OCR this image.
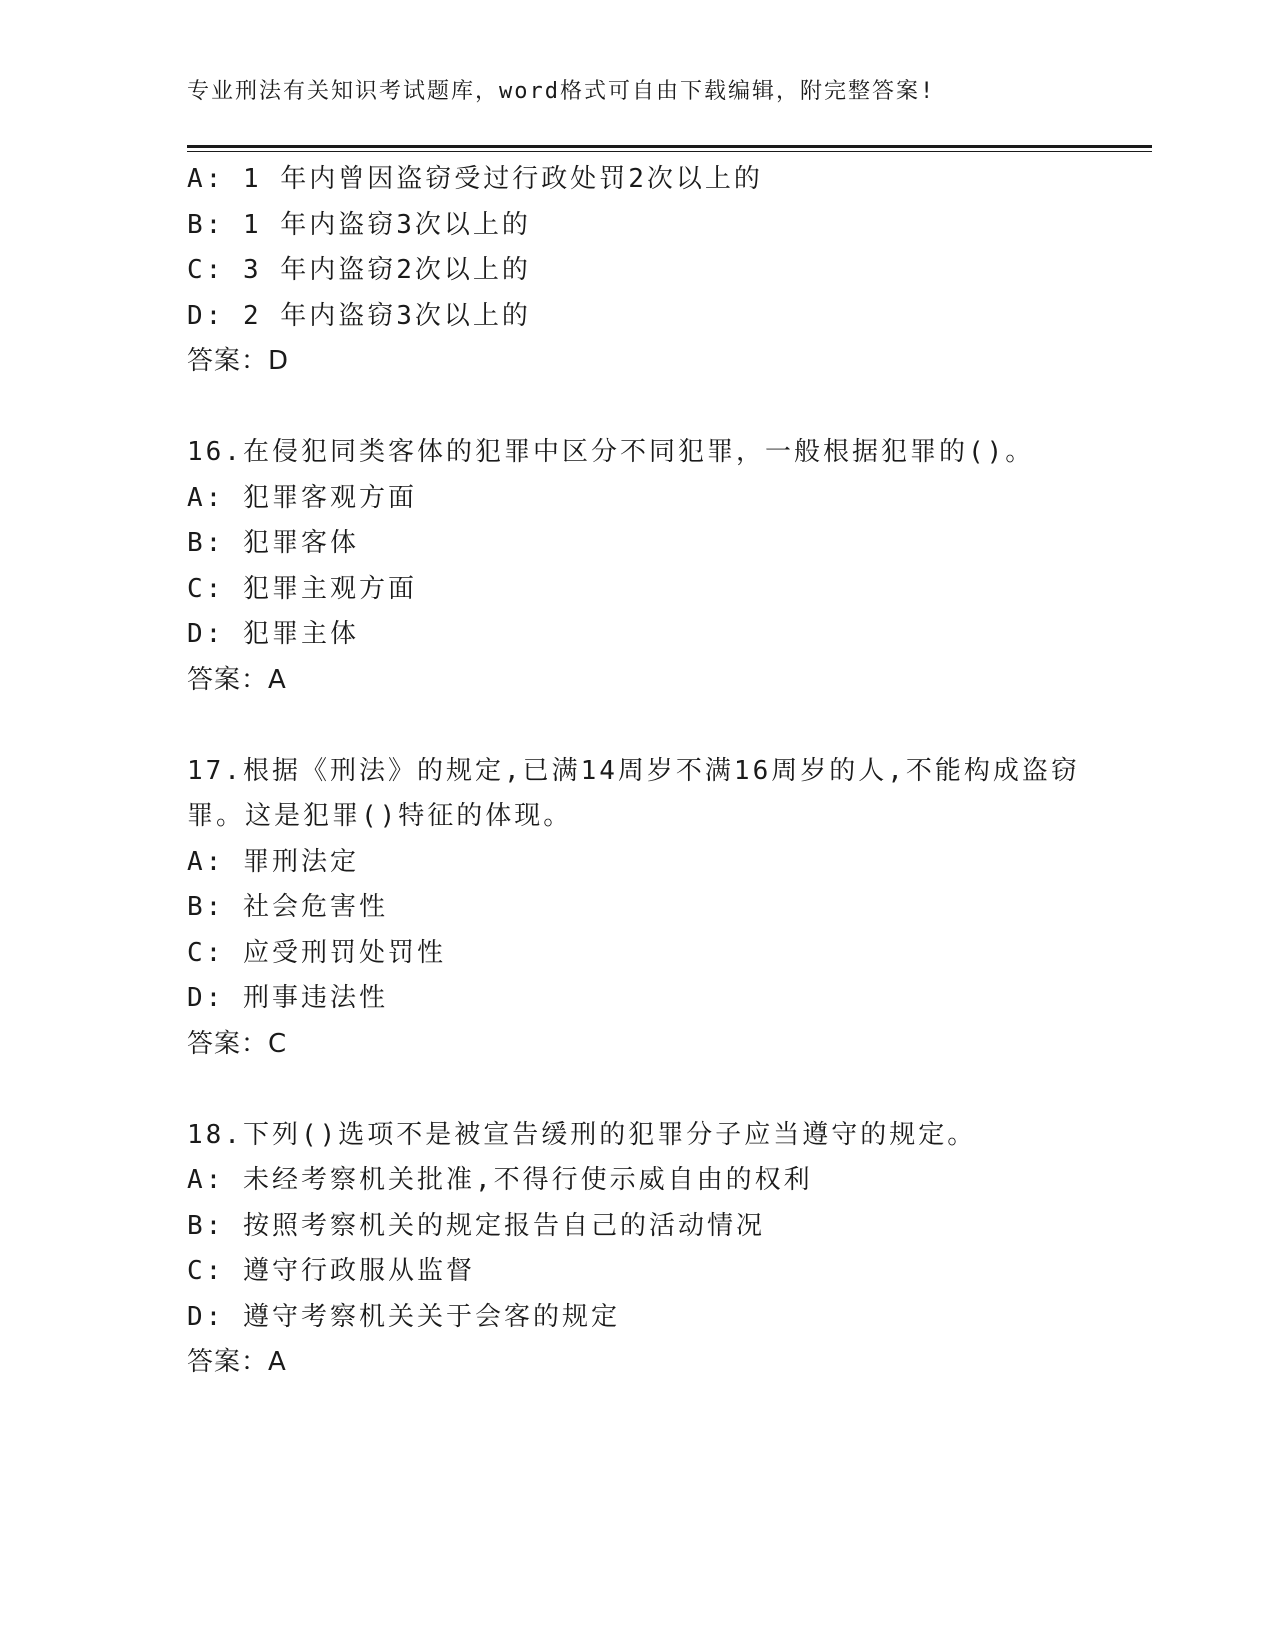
专业刑法有关知识考试题库，word格式可自由下载编辑，附完整答案!
A: 1 年内曾因盗窃受过行政处罚2次以上的
B: 1 年内盗窃3次以上的
C: 3 年内盗窃2次以上的
D: 2 年内盗窃3次以上的
答案：D
16.在侵犯同类客体的犯罪中区分不同犯罪，一般根据犯罪的()。
A: 犯罪客观方面
B: 犯罪客体
C: 犯罪主观方面
D: 犯罪主体
答案：A
17.根据《刑法》的规定,已满14周岁不满16周岁的人,不能构成盗窃
罪。这是犯罪()特征的体现。
A: 罪刑法定
B: 社会危害性
C: 应受刑罚处罚性
D: 刑事违法性
答案：C
18.下列()选项不是被宣告缓刑的犯罪分子应当遵守的规定。
A: 未经考察机关批准,不得行使示威自由的权利
B: 按照考察机关的规定报告自己的活动情况
C: 遵守行政服从监督
D: 遵守考察机关关于会客的规定
答案：A
